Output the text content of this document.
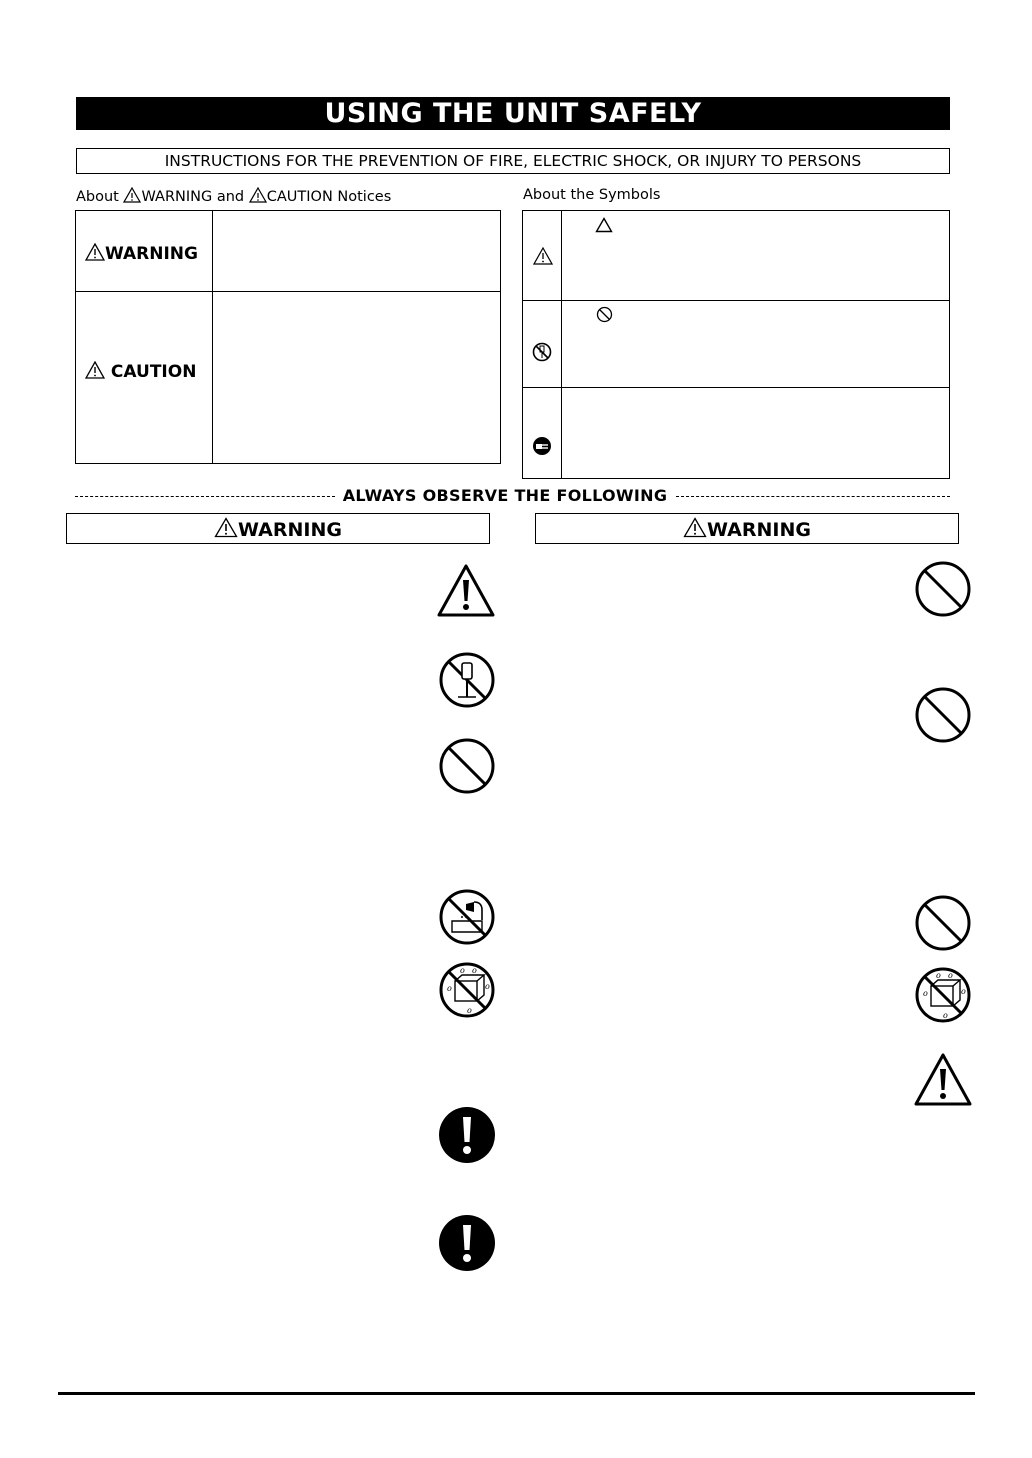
USING THE UNIT SAFELY
INSTRUCTIONS FOR THE PREVENTION OF FIRE, ELECTRIC SHOCK, OR INJURY TO PERSONS
About WARNING and CAUTION Notices
WARNING
CAUTION
About the Symbols
ALWAYS OBSERVE THE FOLLOWING
WARNING	WARNING
o o
o	o
o
o o
o	o
o
